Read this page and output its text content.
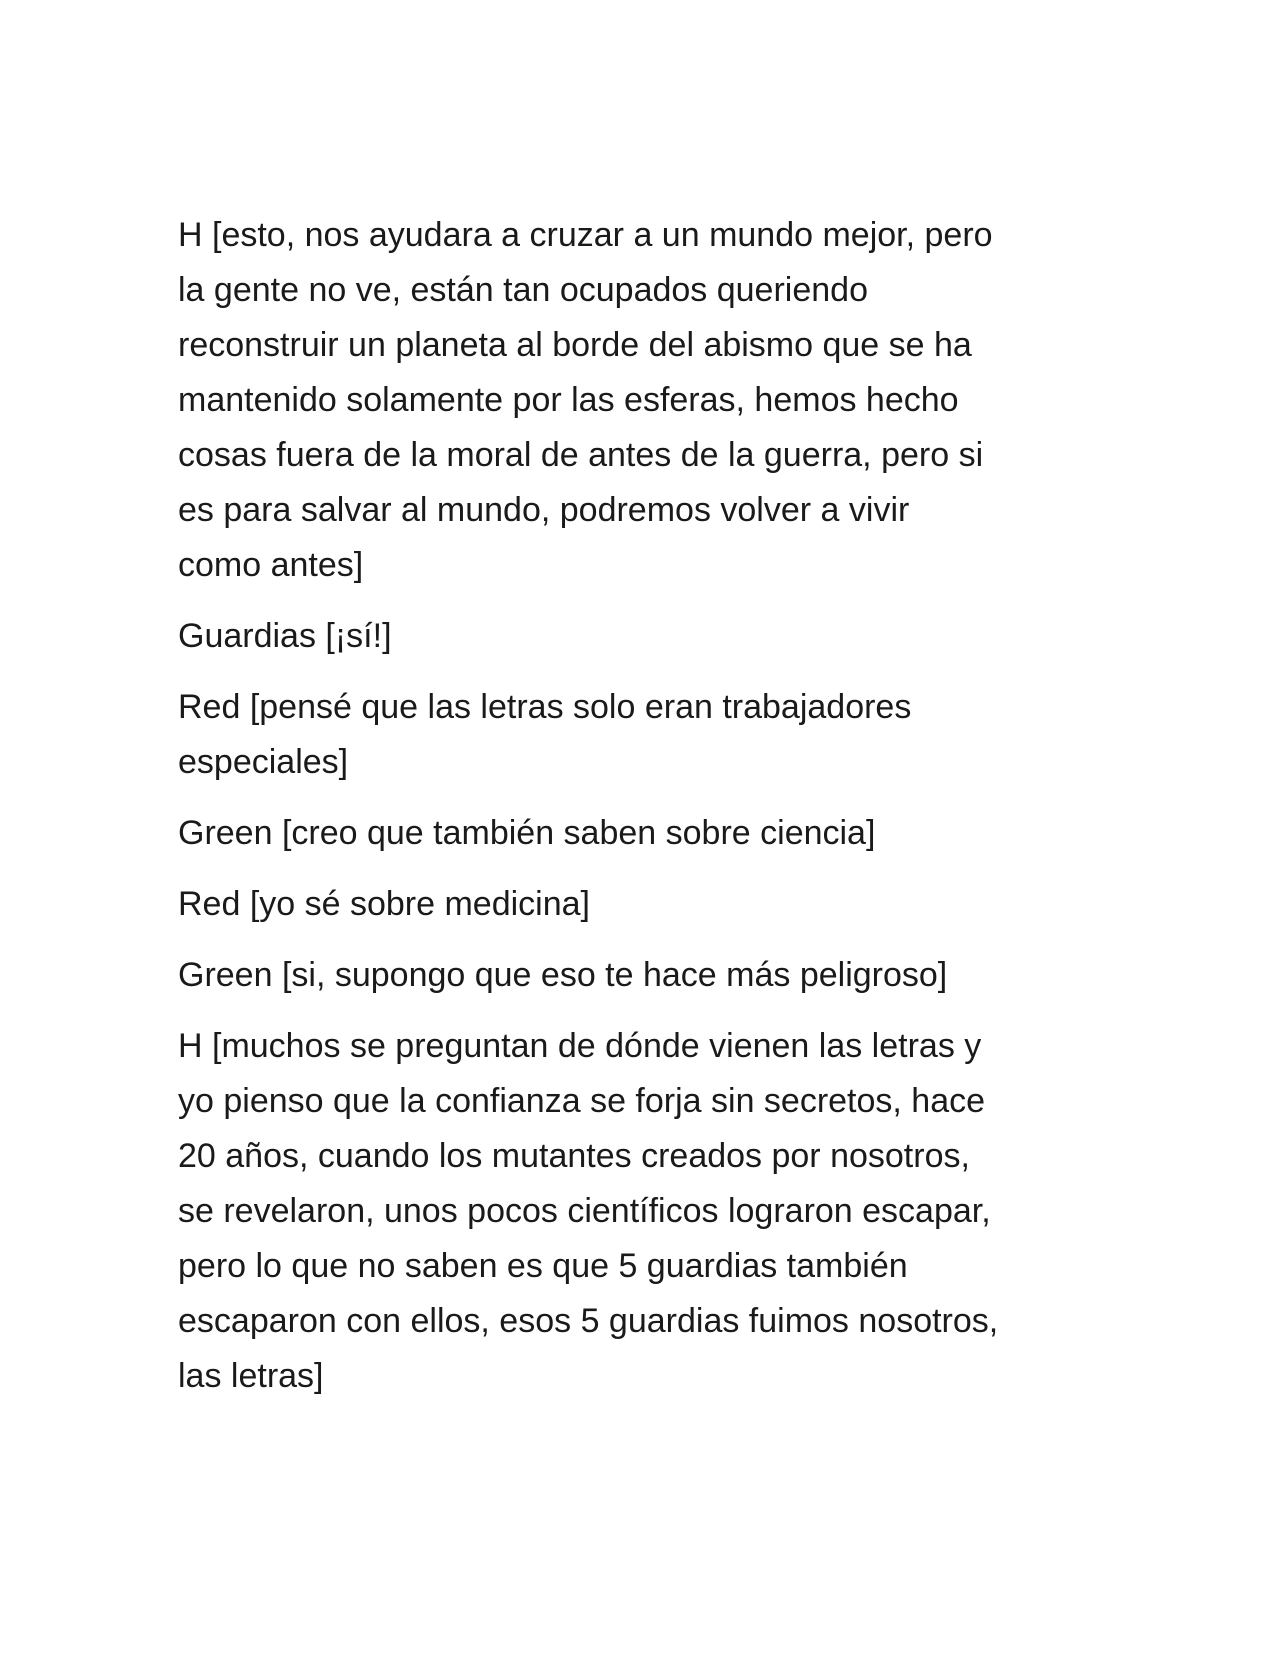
H [esto, nos ayudara a cruzar a un mundo mejor, pero
la gente no ve, están tan ocupados queriendo
reconstruir un planeta al borde del abismo que se ha
mantenido solamente por las esferas, hemos hecho
cosas fuera de la moral de antes de la guerra, pero si
es para salvar al mundo, podremos volver a vivir
como antes]

Guardias [¡sí!]

Red [pensé que las letras solo eran trabajadores
especiales]

Green [creo que también saben sobre ciencia]

Red [yo sé sobre medicina]

Green [si, supongo que eso te hace más peligroso]

H [muchos se preguntan de dónde vienen las letras y
yo pienso que la confianza se forja sin secretos, hace
20 años, cuando los mutantes creados por nosotros,
se revelaron, unos pocos científicos lograron escapar,
pero lo que no saben es que 5 guardias también
escaparon con ellos, esos 5 guardias fuimos nosotros,
las letras]
